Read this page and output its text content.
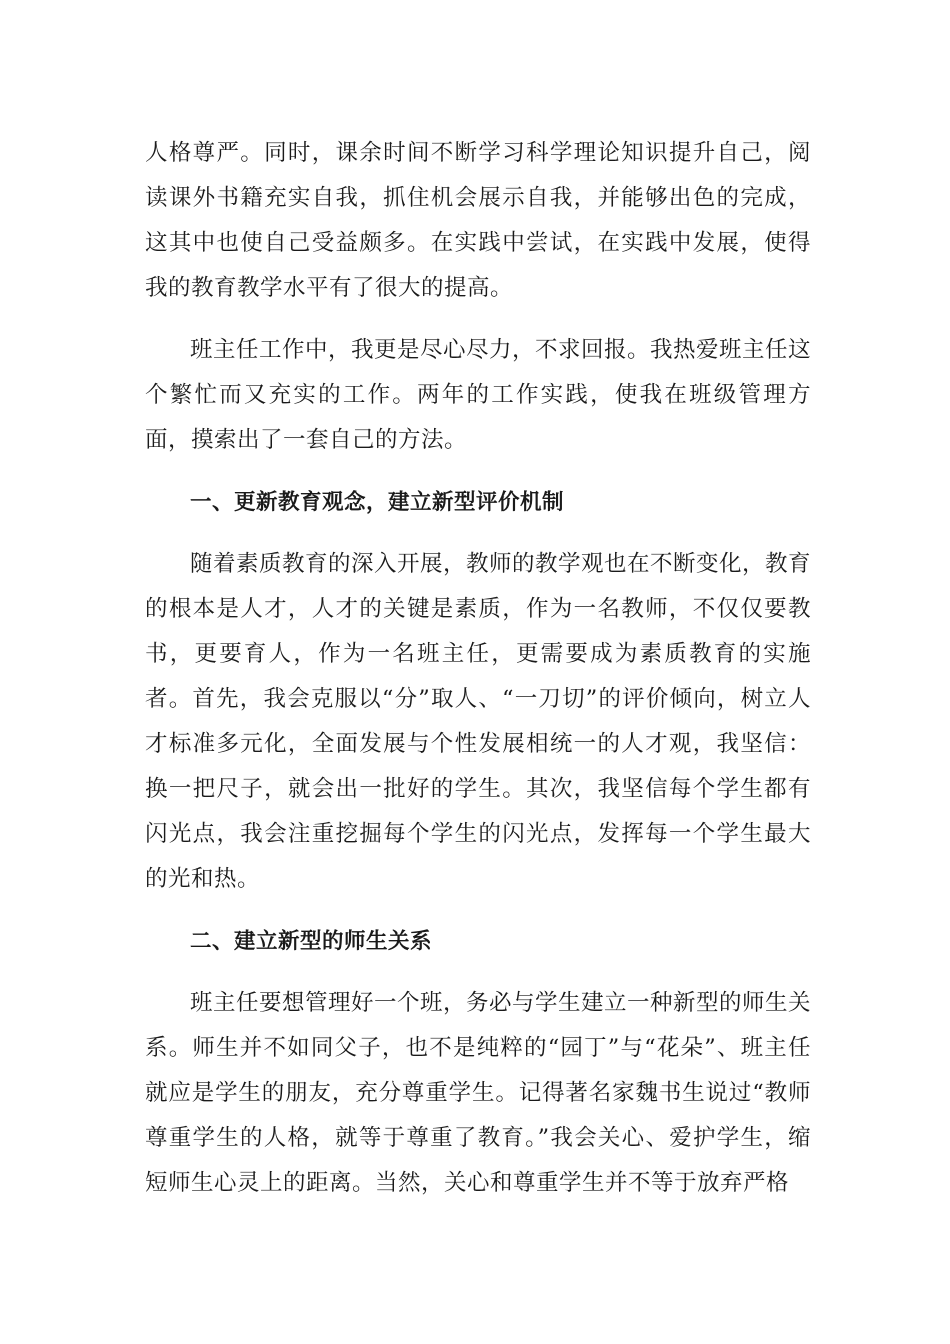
人格尊严。同时，课余时间不断学习科学理论知识提升自己，阅读课外书籍充实自我，抓住机会展示自我，并能够出色的完成，这其中也使自己受益颇多。在实践中尝试，在实践中发展，使得我的教育教学水平有了很大的提高。

班主任工作中，我更是尽心尽力，不求回报。我热爱班主任这个繁忙而又充实的工作。两年的工作实践，使我在班级管理方面，摸索出了一套自己的方法。

一、更新教育观念，建立新型评价机制

随着素质教育的深入开展，教师的教学观也在不断变化，教育的根本是人才，人才的关键是素质，作为一名教师，不仅仅要教书，更要育人，作为一名班主任，更需要成为素质教育的实施者。首先，我会克服以“分”取人、“一刀切”的评价倾向，树立人才标准多元化，全面发展与个性发展相统一的人才观，我坚信：换一把尺子，就会出一批好的学生。其次，我坚信每个学生都有闪光点，我会注重挖掘每个学生的闪光点，发挥每一个学生最大的光和热。

二、建立新型的师生关系

班主任要想管理好一个班，务必与学生建立一种新型的师生关系。师生并不如同父子，也不是纯粹的“园丁”与“花朵”、班主任就应是学生的朋友，充分尊重学生。记得著名家魏书生说过“教师尊重学生的人格，就等于尊重了教育。”我会关心、爱护学生，缩短师生心灵上的距离。当然，关心和尊重学生并不等于放弃严格
